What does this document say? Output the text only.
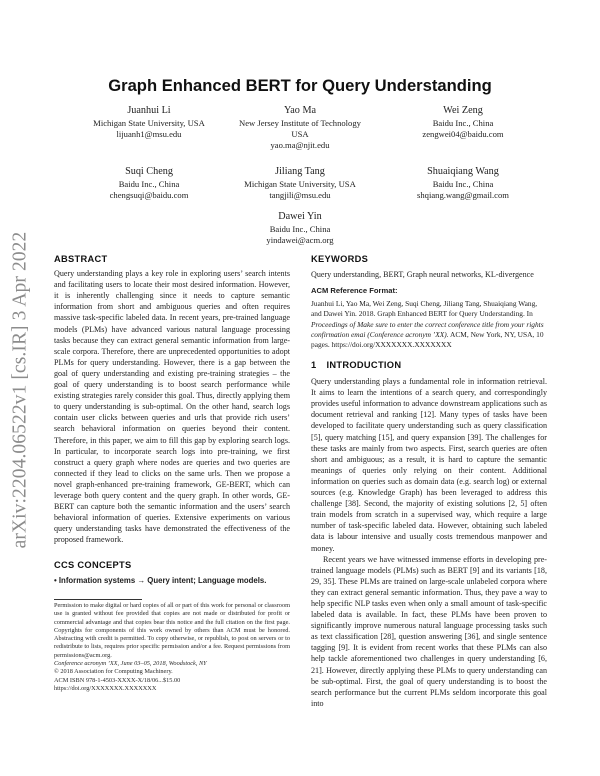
arXiv:2204.06522v1 [cs.IR] 3 Apr 2022
Graph Enhanced BERT for Query Understanding
Juanhui Li
Michigan State University, USA
lijuanh1@msu.edu
Yao Ma
New Jersey Institute of Technology
USA
yao.ma@njit.edu
Wei Zeng
Baidu Inc., China
zengwei04@baidu.com
Suqi Cheng
Baidu Inc., China
chengsuqi@baidu.com
Jiliang Tang
Michigan State University, USA
tangjili@msu.edu
Shuaiqiang Wang
Baidu Inc., China
shqiang.wang@gmail.com
Dawei Yin
Baidu Inc., China
yindawei@acm.org
ABSTRACT

Query understanding plays a key role in exploring users’ search intents and facilitating users to locate their most desired information. However, it is inherently challenging since it needs to capture semantic information from short and ambiguous queries and often requires massive task-specific labeled data. In recent years, pre-trained language models (PLMs) have advanced various natural language processing tasks because they can extract general semantic information from large-scale corpora. Therefore, there are unprecedented opportunities to adopt PLMs for query understanding. However, there is a gap between the goal of query understanding and existing pre-training strategies – the goal of query understanding is to boost search performance while existing strategies rarely consider this goal. Thus, directly applying them to query understanding is sub-optimal. On the other hand, search logs contain user clicks between queries and urls that provide rich users’ search behavioral information on queries beyond their content. Therefore, in this paper, we aim to fill this gap by exploring search logs. In particular, to incorporate search logs into pre-training, we first construct a query graph where nodes are queries and two queries are connected if they lead to clicks on the same urls. Then we propose a novel graph-enhanced pre-training framework, GE-BERT, which can leverage both query content and the query graph. In other words, GE-BERT can capture both the semantic information and the users’ search behavioral information of queries. Extensive experiments on various query understanding tasks have demonstrated the effectiveness of the proposed framework.

CCS CONCEPTS

• Information systems → Query intent; Language models.

Permission to make digital or hard copies of all or part of this work for personal or classroom use is granted without fee provided that copies are not made or distributed for profit or commercial advantage and that copies bear this notice and the full citation on the first page. Copyrights for components of this work owned by others than ACM must be honored. Abstracting with credit is permitted. To copy otherwise, or republish, to post on servers or to redistribute to lists, requires prior specific permission and/or a fee. Request permissions from permissions@acm.org.

Conference acronym ’XX, June 03–05, 2018, Woodstock, NY

© 2018 Association for Computing Machinery.

ACM ISBN 978-1-4503-XXXX-X/18/06...$15.00

https://doi.org/XXXXXXX.XXXXXXX

KEYWORDS

Query understanding, BERT, Graph neural networks, KL-divergence

ACM Reference Format:
Juanhui Li, Yao Ma, Wei Zeng, Suqi Cheng, Jiliang Tang, Shuaiqiang Wang, and Dawei Yin. 2018. Graph Enhanced BERT for Query Understanding. In Proceedings of Make sure to enter the correct conference title from your rights confirmation emai (Conference acronym ’XX). ACM, New York, NY, USA, 10 pages. https://doi.org/XXXXXXX.XXXXXXX
1 INTRODUCTION

Query understanding plays a fundamental role in information retrieval. It aims to learn the intentions of a search query, and correspondingly provides useful information to advance downstream applications such as document retrieval and ranking [12]. Many types of tasks have been developed to facilitate query understanding such as query classification [5], query matching [15], and query expansion [39]. The challenges for these tasks are mainly from two aspects. First, search queries are often short and ambiguous; as a result, it is hard to capture the semantic meanings of queries only relying on their content. Additional information on queries such as domain data (e.g. search log) or external sources (e.g. Knowledge Graph) has been leveraged to address this challenge [38]. Second, the majority of existing solutions [2, 5] often train models from scratch in a supervised way, which require a large number of task-specific labeled data. However, obtaining such labeled data is labour intensive and usually costs tremendous manpower and money.

Recent years we have witnessed immense efforts in developing pre-trained language models (PLMs) such as BERT [9] and its variants [18, 29, 35]. These PLMs are trained on large-scale unlabeled corpora where they can extract general semantic information. Thus, they pave a way to help specific NLP tasks even when only a small amount of task-specific labeled data is available. In fact, these PLMs have been proven to significantly improve numerous natural language processing tasks such as text classification [28], question answering [36], and single sentence tagging [9]. It is evident from recent works that these PLMs can also help tackle aforementioned two challenges in query understanding [6, 21]. However, directly applying these PLMs to query understanding can be sub-optimal. First, the goal of query understanding is to boost the search performance but the current PLMs seldom incorporate this goal into
